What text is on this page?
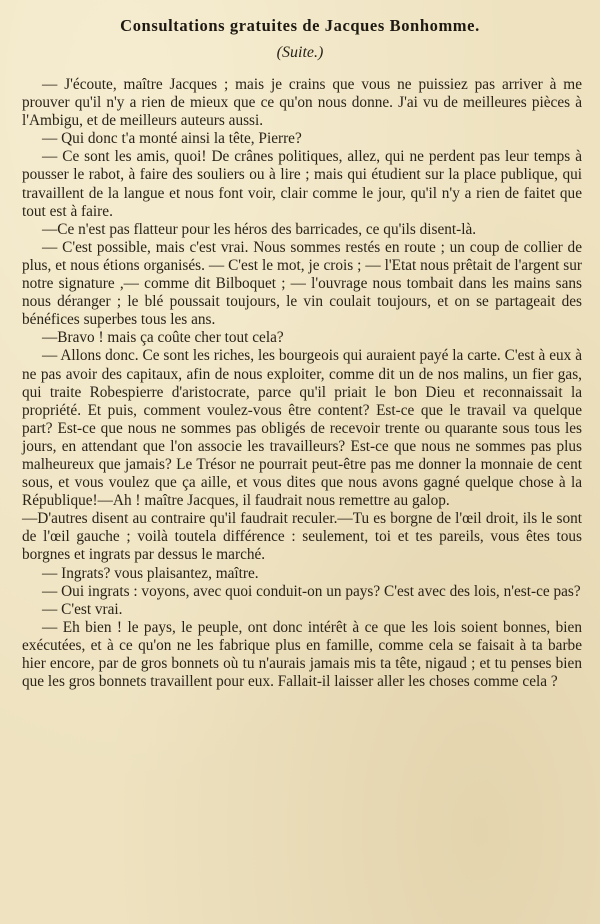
Consultations gratuites de Jacques Bonhomme.
(Suite.)

— J'écoute, maître Jacques ; mais je crains que vous ne puissiez pas arriver à me prouver qu'il n'y a rien de mieux que ce qu'on nous donne. J'ai vu de meilleures pièces à l'Ambigu, et de meilleurs auteurs aussi.

— Qui donc t'a monté ainsi la tête, Pierre?

— Ce sont les amis, quoi! De crânes politiques, allez, qui ne perdent pas leur temps à pousser le rabot, à faire des souliers ou à lire ; mais qui étudient sur la place publique, qui travaillent de la langue et nous font voir, clair comme le jour, qu'il n'y a rien de faitet que tout est à faire.

—Ce n'est pas flatteur pour les héros des barricades, ce qu'ils disent-là.

— C'est possible, mais c'est vrai. Nous sommes restés en route ; un coup de collier de plus, et nous étions organisés. — C'est le mot, je crois ; — l'Etat nous prêtait de l'argent sur notre signature ,— comme dit Bilboquet ; — l'ouvrage nous tombait dans les mains sans nous déranger ; le blé poussait toujours, le vin coulait toujours, et on se partageait des bénéfices superbes tous les ans.

—Bravo ! mais ça coûte cher tout cela?

— Allons donc. Ce sont les riches, les bourgeois qui auraient payé la carte. C'est à eux à ne pas avoir des capitaux, afin de nous exploiter, comme dit un de nos malins, un fier gas, qui traite Robespierre d'aristocrate, parce qu'il priait le bon Dieu et reconnaissait la propriété. Et puis, comment voulez-vous être content? Est-ce que le travail va quelque part? Est-ce que nous ne sommes pas obligés de recevoir trente ou quarante sous tous les jours, en attendant que l'on associe les travailleurs? Est-ce que nous ne sommes pas plus malheureux que jamais? Le Trésor ne pourrait peut-être pas me donner la monnaie de cent sous, et vous voulez que ça aille, et vous dites que nous avons gagné quelque chose à la République!—Ah ! maître Jacques, il faudrait nous remettre au galop.

—D'autres disent au contraire qu'il faudrait reculer.—Tu es borgne de l'œil droit, ils le sont de l'œil gauche ; voilà toutela différence : seulement, toi et tes pareils, vous êtes tous borgnes et ingrats par dessus le marché.

— Ingrats? vous plaisantez, maître.

— Oui ingrats : voyons, avec quoi conduit-on un pays? C'est avec des lois, n'est-ce pas?

— C'est vrai.

— Eh bien ! le pays, le peuple, ont donc intérêt à ce que les lois soient bonnes, bien exécutées, et à ce qu'on ne les fabrique plus en famille, comme cela se faisait à ta barbe hier encore, par de gros bonnets où tu n'aurais jamais mis ta tête, nigaud ; et tu penses bien que les gros bonnets travaillent pour eux. Fallait-il laisser aller les choses comme cela ?
